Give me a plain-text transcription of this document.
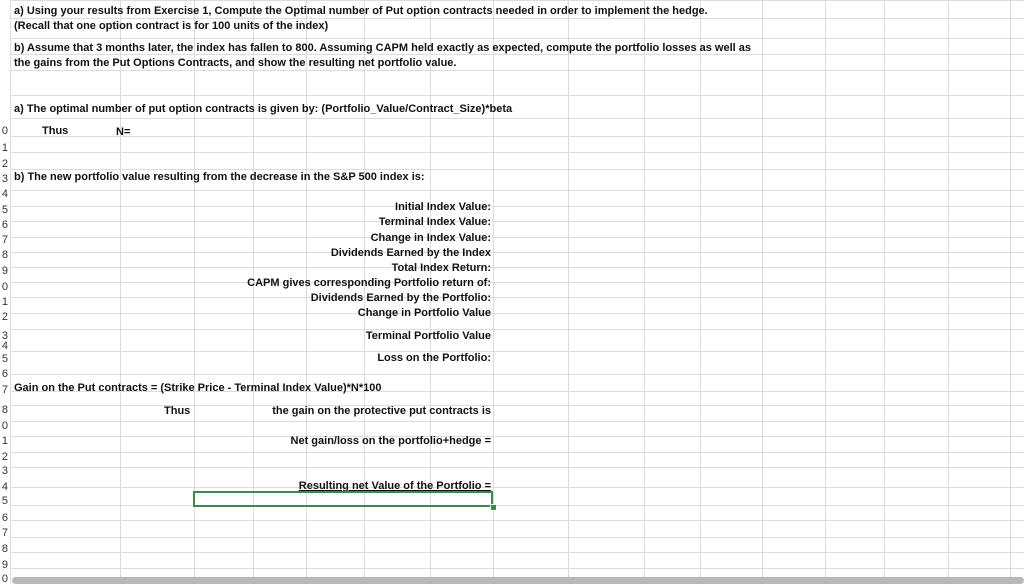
0
1
2
3
4
5
6
7
8
9
0
1
2
3
4
5
6
7
8
0
1
2
3
4
5
6
7
8
9
0
a) Using your results from Exercise 1, Compute the Optimal number of Put option contracts needed in order to implement the hedge.
(Recall that one option contract is for 100 units of the index)
b) Assume that 3 months later, the index has fallen to 800. Assuming CAPM held exactly as expected, compute the portfolio losses as well as
the gains from the Put Options Contracts, and show the resulting net portfolio value.
a) The optimal number of put option contracts is given by: (Portfolio_Value/Contract_Size)*beta
Thus	N=
b) The new portfolio value resulting from the decrease in the S&P 500 index is:
Initial Index Value:
Terminal Index Value:
Change in Index Value:
Dividends Earned by the Index
Total Index Return:
CAPM gives corresponding Portfolio return of:
Dividends Earned by the Portfolio:
Change in Portfolio Value
Terminal Portfolio Value
Loss on the Portfolio:
Gain on the Put contracts = (Strike Price - Terminal Index Value)*N*100
Thus	the gain on the protective put contracts is
Net gain/loss on the portfolio+hedge =
Resulting net Value of the Portfolio =
